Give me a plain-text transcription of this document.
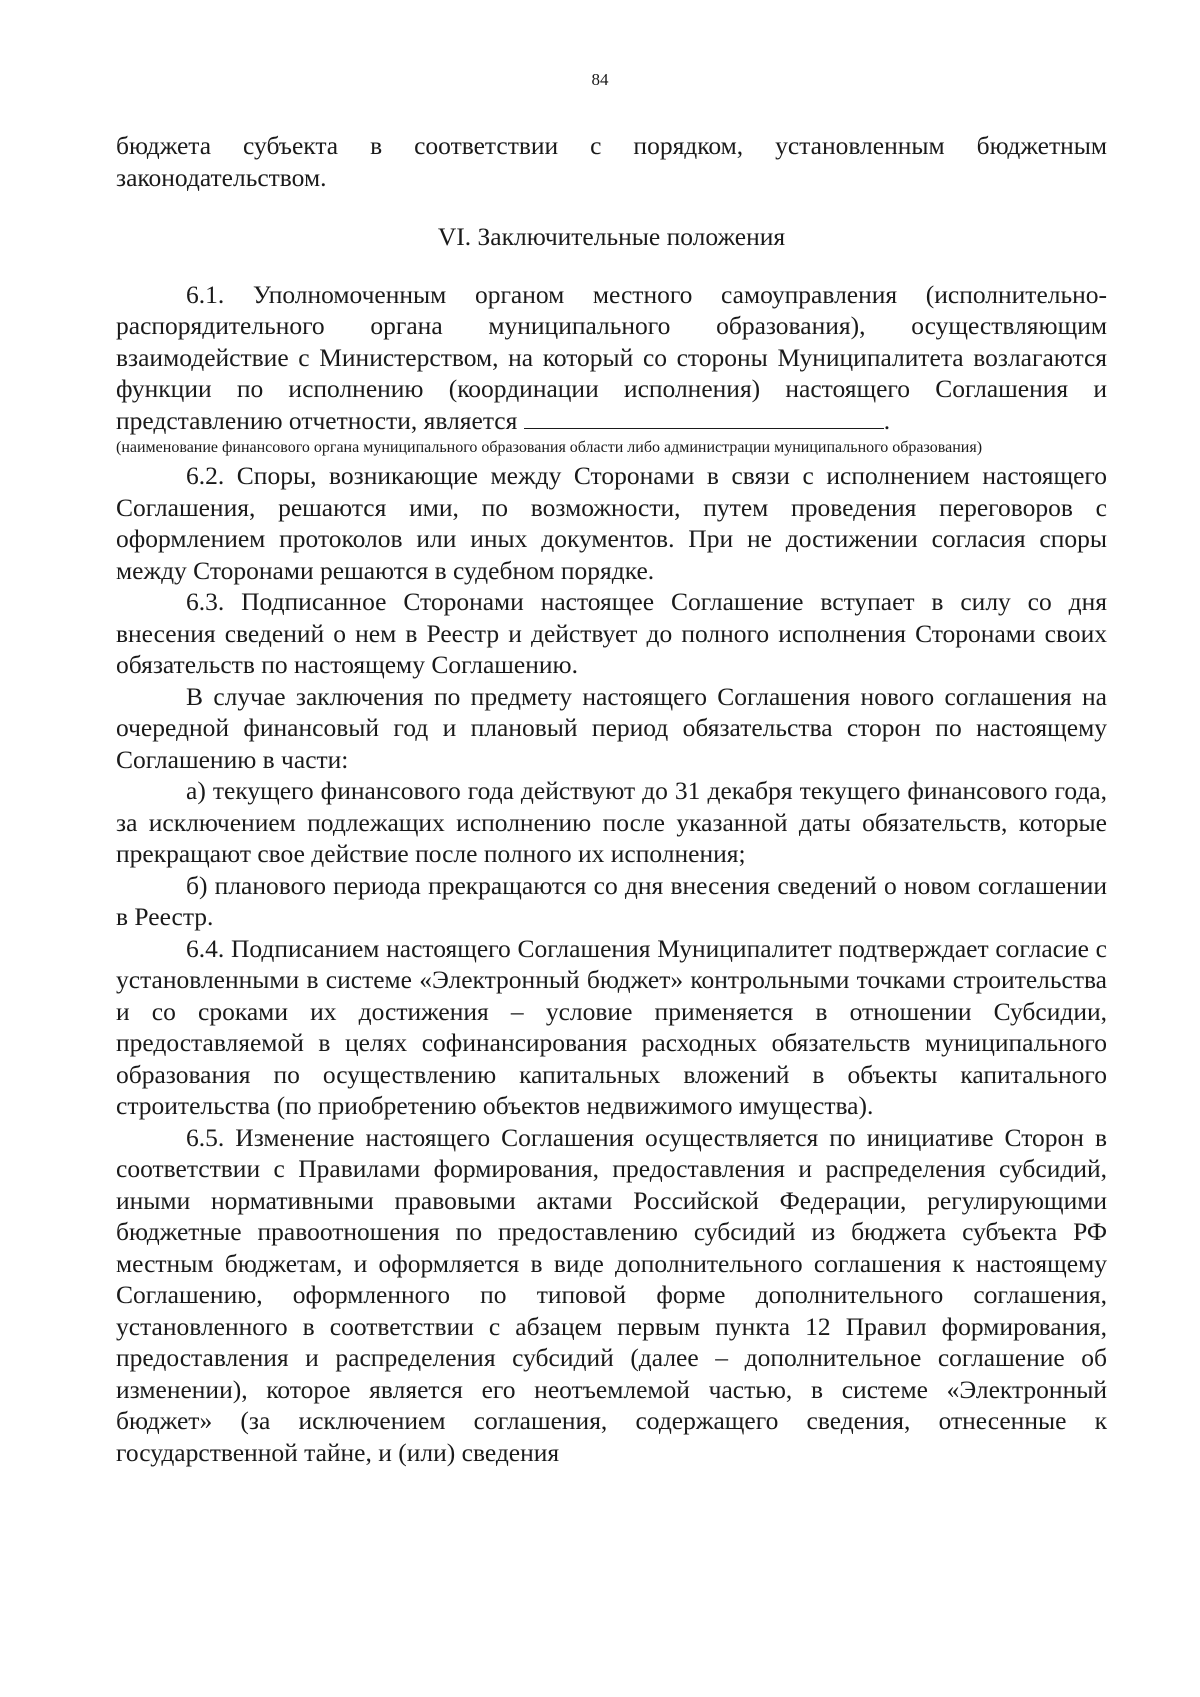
84

бюджета субъекта в соответствии с порядком, установленным бюджетным законодательством.

VI. Заключительные положения

6.1. Уполномоченным органом местного самоуправления (исполнительно-распорядительного органа муниципального образования), осуществляющим взаимодействие с Министерством, на который со стороны Муниципалитета возлагаются функции по исполнению (координации исполнения) настоящего Соглашения и представлению отчетности, является	.

(наименование финансового органа муниципального образования области либо администрации муниципального образования)

6.2. Споры, возникающие между Сторонами в связи с исполнением настоящего Соглашения, решаются ими, по возможности, путем проведения переговоров с оформлением протоколов или иных документов. При не достижении согласия споры между Сторонами решаются в судебном порядке.

6.3. Подписанное Сторонами настоящее Соглашение вступает в силу со дня внесения сведений о нем в Реестр и действует до полного исполнения Сторонами своих обязательств по настоящему Соглашению.

В случае заключения по предмету настоящего Соглашения нового соглашения на очередной финансовый год и плановый период обязательства сторон по настоящему Соглашению в части:

а) текущего финансового года действуют до 31 декабря текущего финансового года, за исключением подлежащих исполнению после указанной даты обязательств, которые прекращают свое действие после полного их исполнения;

б) планового периода прекращаются со дня внесения сведений о новом соглашении в Реестр.

6.4. Подписанием настоящего Соглашения Муниципалитет подтверждает согласие с установленными в системе «Электронный бюджет» контрольными точками строительства и со сроками их достижения – условие применяется в отношении Субсидии, предоставляемой в целях софинансирования расходных обязательств муниципального образования по осуществлению капитальных вложений в объекты капитального строительства (по приобретению объектов недвижимого имущества).

6.5. Изменение настоящего Соглашения осуществляется по инициативе Сторон в соответствии с Правилами формирования, предоставления и распределения субсидий, иными нормативными правовыми актами Российской Федерации, регулирующими бюджетные правоотношения по предоставлению субсидий из бюджета субъекта РФ местным бюджетам, и оформляется в виде дополнительного соглашения к настоящему Соглашению, оформленного по типовой форме дополнительного соглашения, установленного в соответствии с абзацем первым пункта 12 Правил формирования, предоставления и распределения субсидий (далее – дополнительное соглашение об изменении), которое является его неотъемлемой частью, в системе «Электронный бюджет» (за исключением соглашения, содержащего сведения, отнесенные к государственной тайне, и (или) сведения
